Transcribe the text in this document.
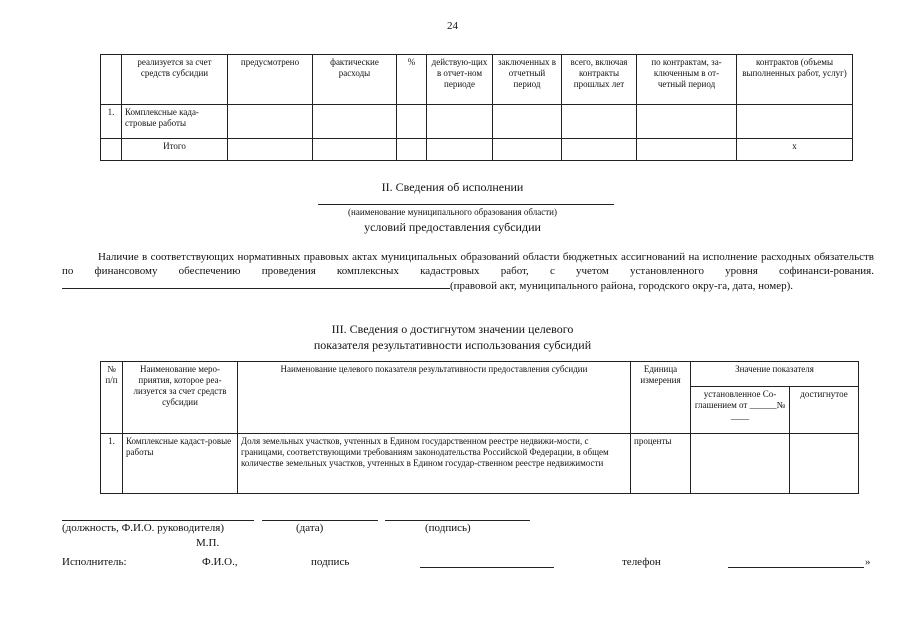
24
	реализуется за счет средств субсидии	предусмотрено	фактические расходы	%	действую-щих в отчет-ном периоде	заключенных в отчетный период	всего, включая контракты прошлых лет	по контрактам, за-ключенным в от-четный период	контрактов (объемы выполненных работ, услуг)
1.	Комплексные када-стровые работы								
	Итого								x
II. Сведения об исполнении
(наименование муниципального образования области)
условий предоставления субсидии
Наличие в соответствующих нормативных правовых актах муниципальных образований области бюджетных ассигнований на исполнение расходных обязательств по финансовому обеспечению проведения комплексных кадастровых работ, с учетом установленного уровня софинанси-рования.(правовой акт, муниципального района, городского окру-га, дата, номер).
III. Сведения о достигнутом значении целевого
показателя результативности использования субсидий
№ п/п	Наименование меро-приятия, которое реа-лизуется за счет средств субсидии	Наименование целевого показателя результативности предоставления субсидии	Единица измерения	Значение показателя	
				установленное Со-глашением от ______№ ____	достигнутое
1.	Комплексные кадаст-ровые работы	Доля земельных участков, учтенных в Едином государственном реестре недвижи-мости, с границами, соответствующими требованиям законодательства Российской Федерации, в общем количестве земельных участков, учтенных в Едином государ-ственном реестре недвижимости	проценты		
(должность, Ф.И.О. руководителя)	(дата)	(подпись)
М.П.
Исполнитель:	Ф.И.О.,	подпись	телефон	»
